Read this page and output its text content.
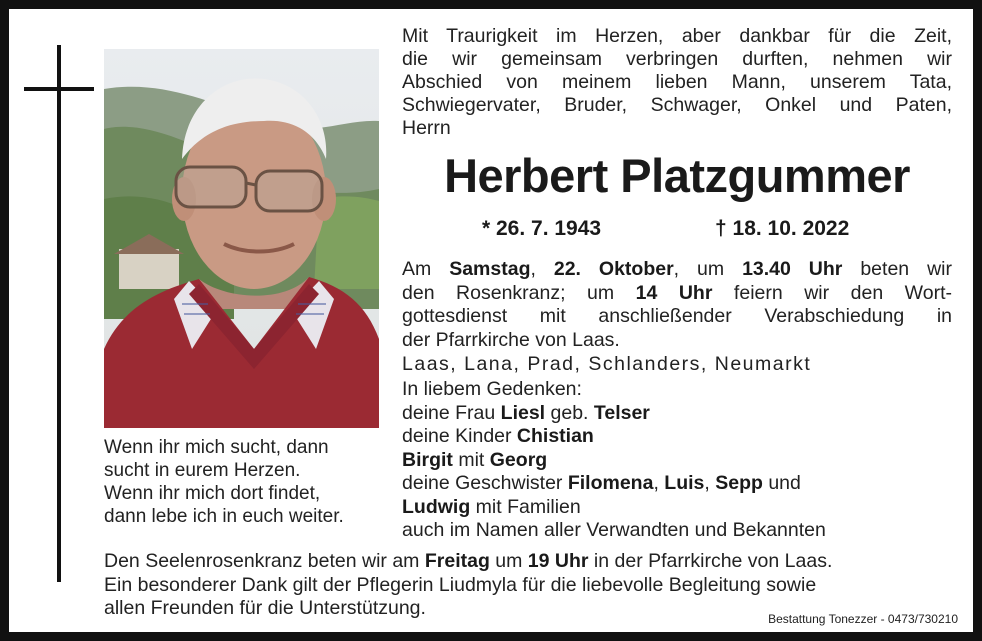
Mit Traurigkeit im Herzen, aber dankbar für die Zeit,
die wir gemeinsam verbringen durften, nehmen wir
Abschied von meinem lieben Mann, unserem Tata,
Schwiegervater, Bruder, Schwager, Onkel und Paten,
Herrn
Herbert Platzgummer
* 26. 7. 1943	† 18. 10. 2022
Am Samstag, 22. Oktober, um 13.40 Uhr beten wir
den Rosenkranz; um 14 Uhr feiern wir den Wort-
gottesdienst mit anschließender Verabschiedung in
der Pfarrkirche von Laas.
Laas, Lana, Prad, Schlanders, Neumarkt
In liebem Gedenken:
deine Frau Liesl geb. Telser
deine Kinder Chistian
Birgit mit Georg
deine Geschwister Filomena, Luis, Sepp und
Ludwig mit Familien
auch im Namen aller Verwandten und Bekannten
Wenn ihr mich sucht, dann
sucht in eurem Herzen.
Wenn ihr mich dort findet,
dann lebe ich in euch weiter.
Den Seelenrosenkranz beten wir am Freitag um 19 Uhr in der Pfarrkirche von Laas.
Ein besonderer Dank gilt der Pflegerin Liudmyla für die liebevolle Begleitung sowie
allen Freunden für die Unterstützung.	Bestattung Tonezzer - 0473/730210
